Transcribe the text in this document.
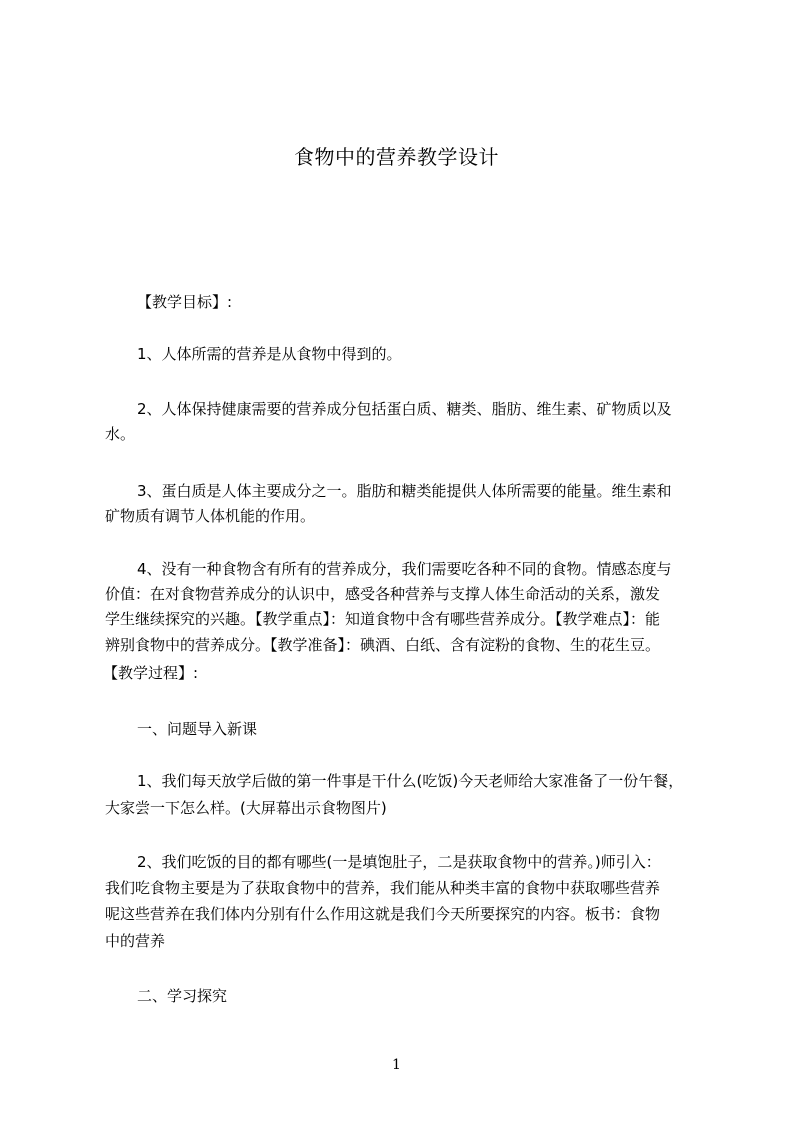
食物中的营养教学设计
【教学目标】:
1、人体所需的营养是从食物中得到的。
2、人体保持健康需要的营养成分包括蛋白质、糖类、脂肪、维生素、矿物质以及
水。
3、蛋白质是人体主要成分之一。脂肪和糖类能提供人体所需要的能量。维生素和
矿物质有调节人体机能的作用。
4、没有一种食物含有所有的营养成分，我们需要吃各种不同的食物。情感态度与
价值：在对食物营养成分的认识中，感受各种营养与支撑人体生命活动的关系，激发
学生继续探究的兴趣。【教学重点】：知道食物中含有哪些营养成分。【教学难点】：能
辨别食物中的营养成分。【教学准备】：碘酒、白纸、含有淀粉的食物、生的花生豆。
【教学过程】:
一、问题导入新课
1、我们每天放学后做的第一件事是干什么(吃饭)今天老师给大家准备了一份午餐，
大家尝一下怎么样。(大屏幕出示食物图片)
2、我们吃饭的目的都有哪些(一是填饱肚子，二是获取食物中的营养。)师引入：
我们吃食物主要是为了获取食物中的营养，我们能从种类丰富的食物中获取哪些营养
呢这些营养在我们体内分别有什么作用这就是我们今天所要探究的内容。板书：食物
中的营养
二、学习探究
1
